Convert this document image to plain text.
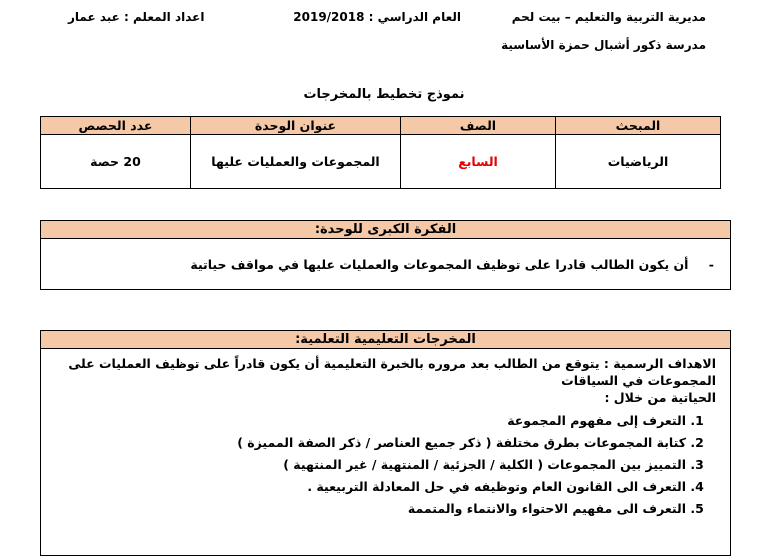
مديرية التربية والتعليم – بيت لحم
مدرسة ذكور أشبال حمزة الأساسية
العام الدراسي : 2019/2018
اعداد المعلم : عبد عمار
نموذج تخطيط بالمخرجات
عدد الحصص	عنوان الوحدة	الصف	المبحث
20 حصة	المجموعات والعمليات عليها	السابع	الرياضيات
الفكرة الكبرى للوحدة:
- أن يكون الطالب قادرا على توظيف المجموعات والعمليات عليها في مواقف حياتية
المخرجات التعليمية التعلمية:

الاهداف الرسمية : يتوقع من الطالب بعد مروره بالخبرة التعليمية أن يكون قادراً على توظيف العمليات على المجموعات في السياقات
الحياتية من خلال :
1. التعرف إلى مفهوم المجموعة
2. كتابة المجموعات بطرق مختلفة ( ذكر جميع العناصر / ذكر الصفة المميزة )
3. التمييز بين المجموعات ( الكلية / الجزئية / المنتهية / غير المنتهية )
4. التعرف الى القانون العام وتوظيفه في حل المعادلة التربيعية .
5. التعرف الى مفهيم الاحتواء والانتماء والمتممة
